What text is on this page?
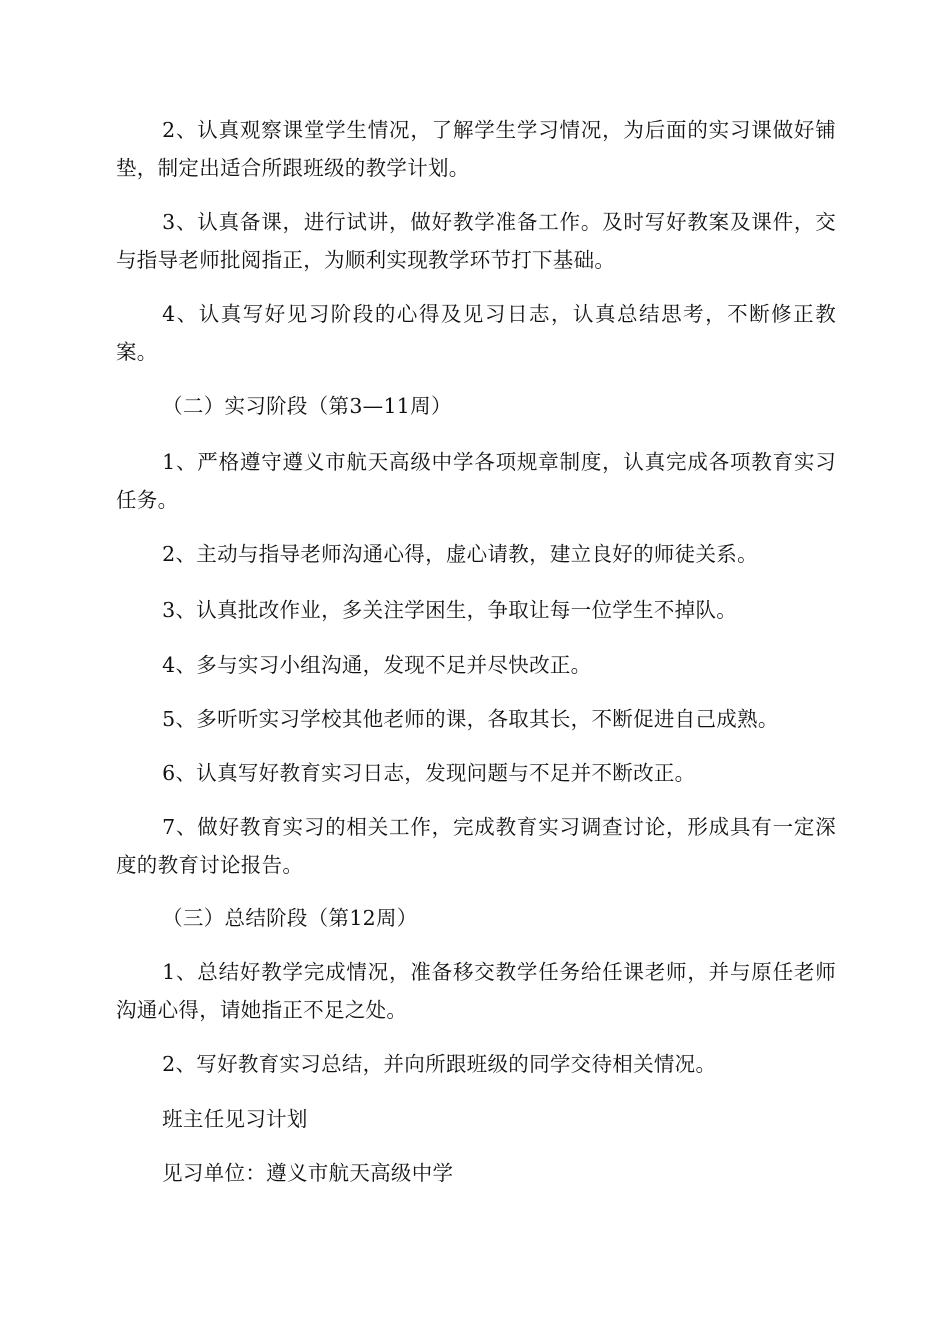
2、认真观察课堂学生情况，了解学生学习情况，为后面的实习课做好铺垫，制定出适合所跟班级的教学计划。

3、认真备课，进行试讲，做好教学准备工作。及时写好教案及课件，交与指导老师批阅指正，为顺利实现教学环节打下基础。

4、认真写好见习阶段的心得及见习日志，认真总结思考，不断修正教案。

（二）实习阶段（第3—11周）

1、严格遵守遵义市航天高级中学各项规章制度，认真完成各项教育实习任务。

2、主动与指导老师沟通心得，虚心请教，建立良好的师徒关系。

3、认真批改作业，多关注学困生，争取让每一位学生不掉队。

4、多与实习小组沟通，发现不足并尽快改正。

5、多听听实习学校其他老师的课，各取其长，不断促进自己成熟。

6、认真写好教育实习日志，发现问题与不足并不断改正。

7、做好教育实习的相关工作，完成教育实习调查讨论，形成具有一定深度的教育讨论报告。

（三）总结阶段（第12周）

1、总结好教学完成情况，准备移交教学任务给任课老师，并与原任老师沟通心得，请她指正不足之处。

2、写好教育实习总结，并向所跟班级的同学交待相关情况。

班主任见习计划

见习单位：遵义市航天高级中学
